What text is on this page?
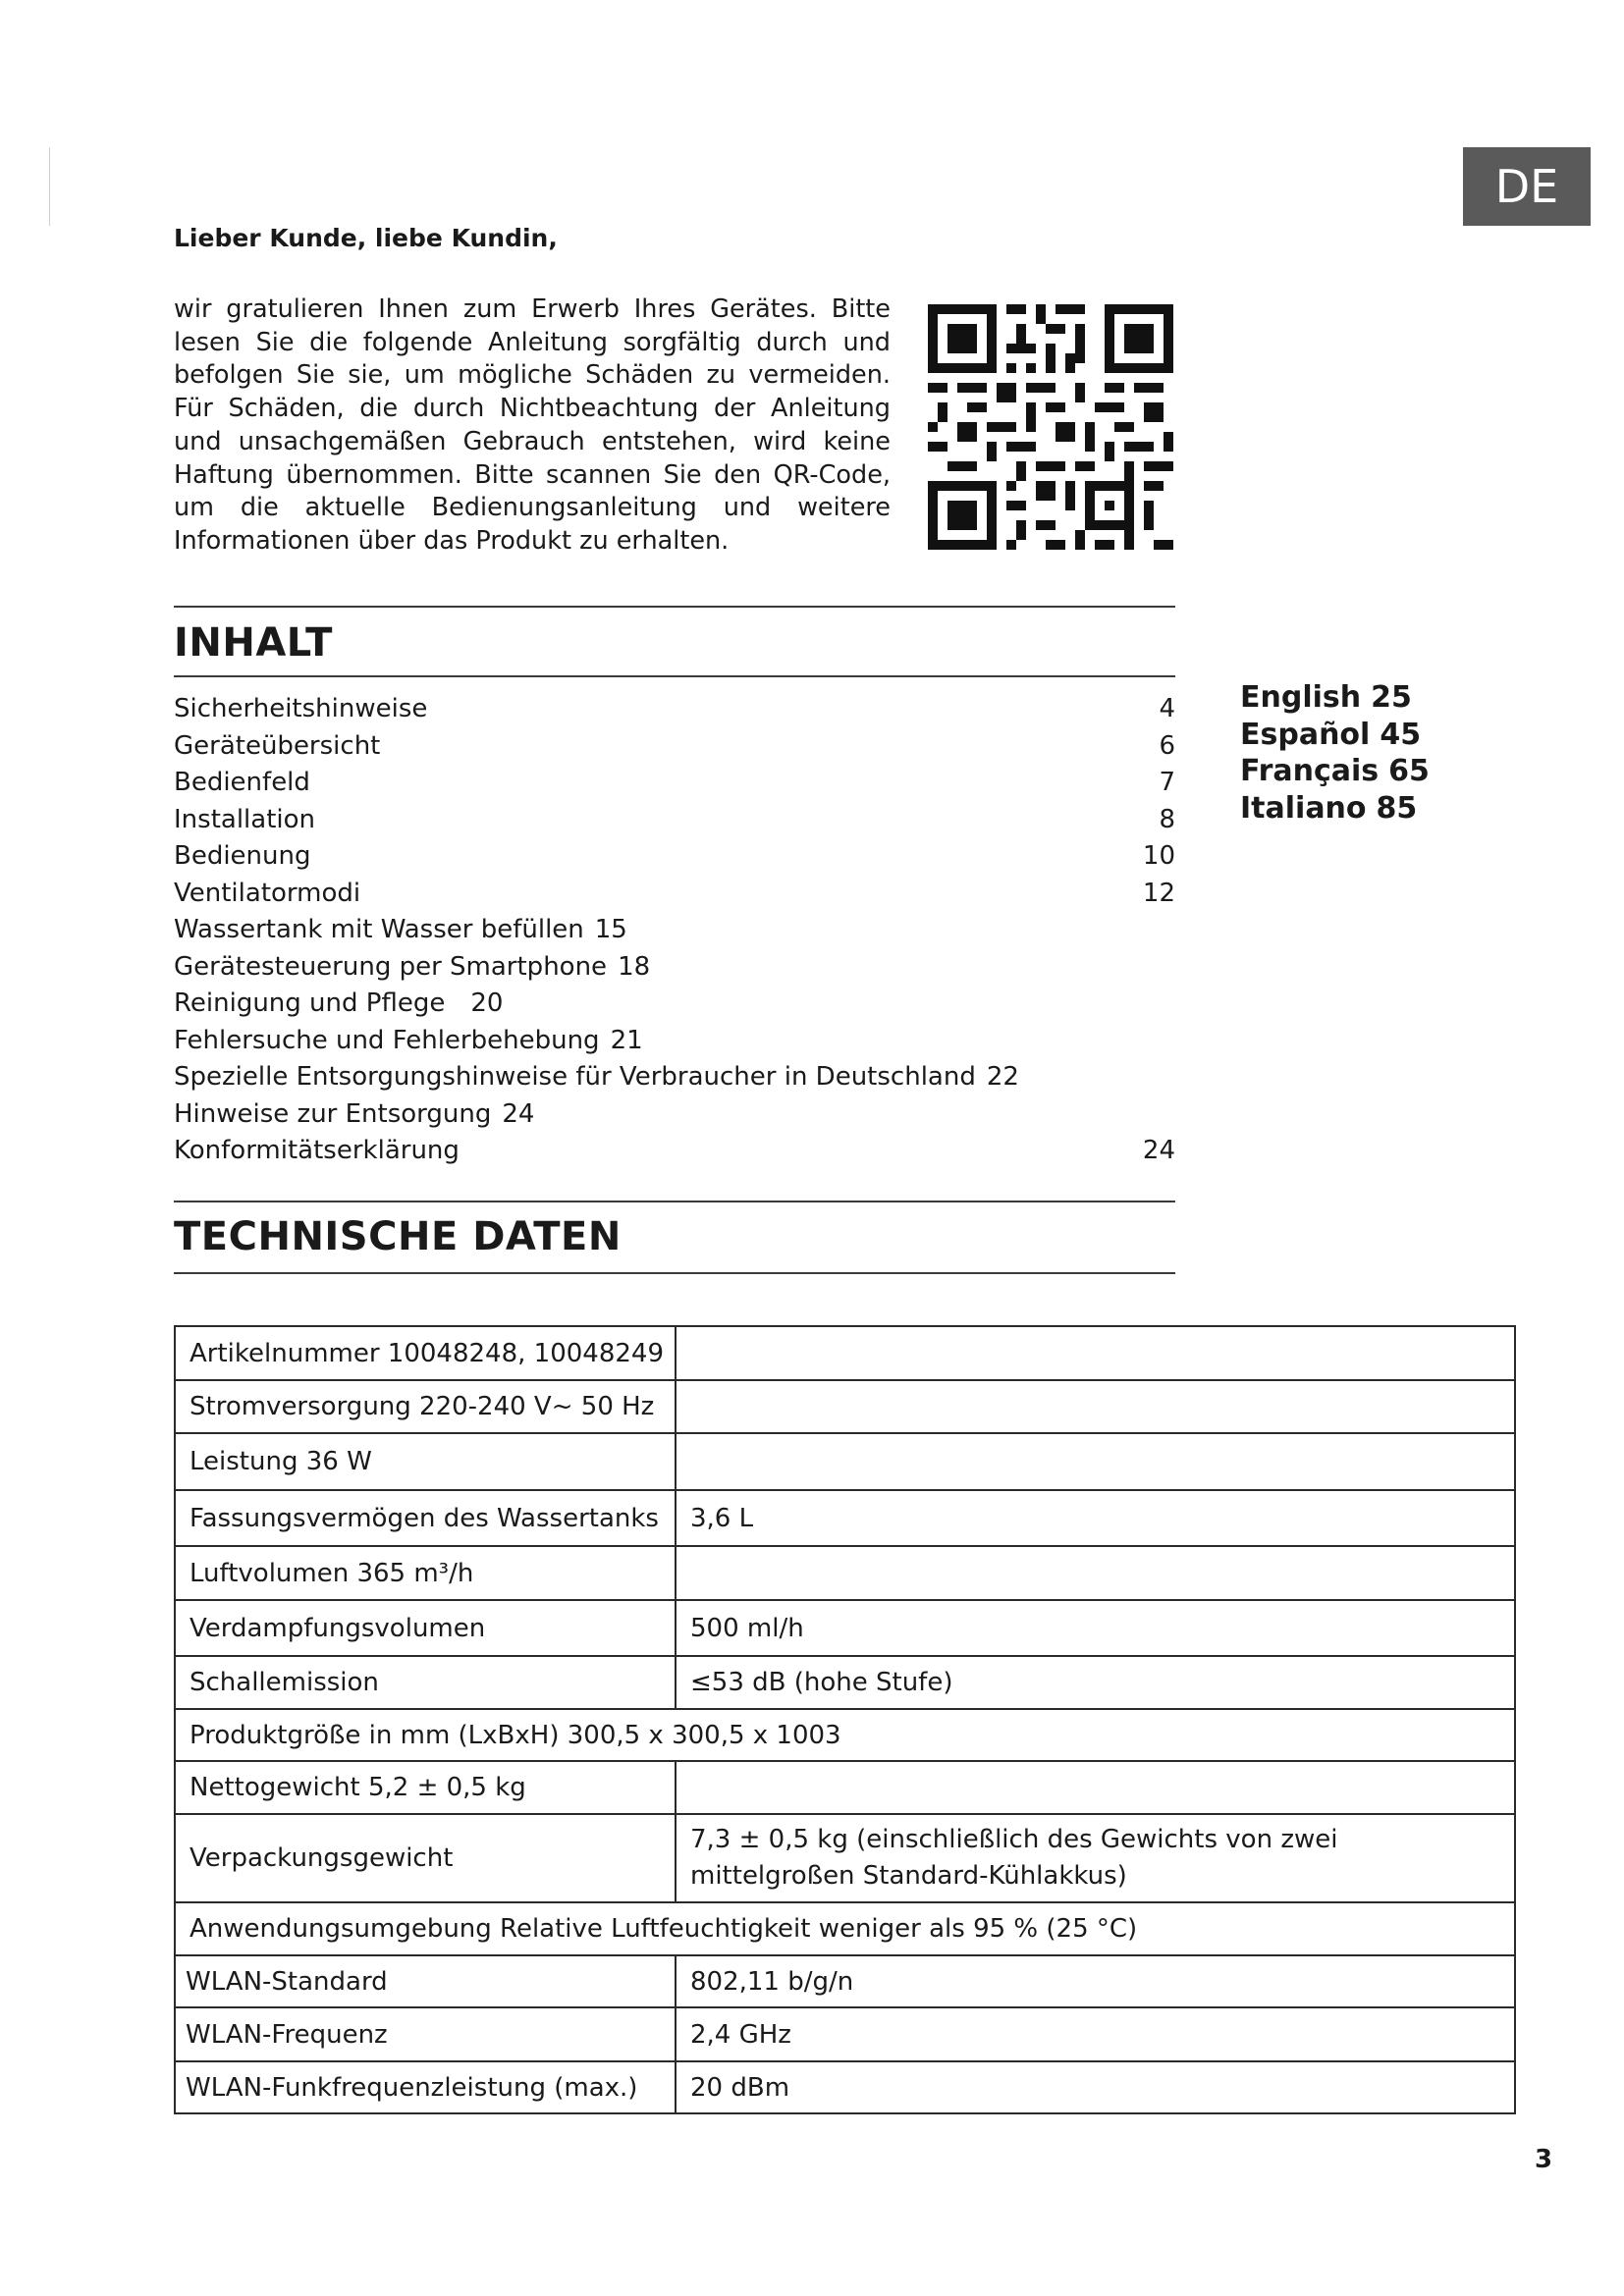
DE
Lieber Kunde, liebe Kundin,

wir gratulieren Ihnen zum Erwerb Ihres Gerätes. Bitte lesen Sie die folgende Anleitung sorgfältig durch und befolgen Sie sie, um mögliche Schäden zu vermeiden. Für Schäden, die durch Nichtbeachtung der Anleitung und unsachgemäßen Gebrauch entstehen, wird keine Haftung übernommen. Bitte scannen Sie den QR-Code, um die aktuelle Bedienungsanleitung und weitere Informationen über das Produkt zu erhalten.

INHALT
Sicherheitshinweise	4
Geräteübersicht	6
Bedienfeld	7
Installation	8
Bedienung	10
Ventilatormodi	12
Wassertank mit Wasser befüllen 15
Gerätesteuerung per Smartphone 18
Reinigung und Pflege 20
Fehlersuche und Fehlerbehebung 21
Spezielle Entsorgungshinweise für Verbraucher in Deutschland 22
Hinweise zur Entsorgung 24
Konformitätserklärung	24
English 25
Español 45
Français 65
Italiano 85
TECHNISCHE DATEN
Artikelnummer 10048248, 10048249	
Stromversorgung 220-240 V~ 50 Hz	
Leistung 36 W	
Fassungsvermögen des Wassertanks	3,6 L
Luftvolumen 365 m³/h	
Verdampfungsvolumen	500 ml/h
Schallemission	≤53 dB (hohe Stufe)
Produktgröße in mm (LxBxH) 300,5 x 300,5 x 1003	
Nettogewicht 5,2 ± 0,5 kg	
Verpackungsgewicht	7,3 ± 0,5 kg (einschließlich des Gewichts von zwei mittelgroßen Standard-Kühlakkus)
Anwendungsumgebung Relative Luftfeuchtigkeit weniger als 95 % (25 °C)	
WLAN-Standard	802,11 b/g/n
WLAN-Frequenz	2,4 GHz
WLAN-Funkfrequenzleistung (max.)	20 dBm
3
